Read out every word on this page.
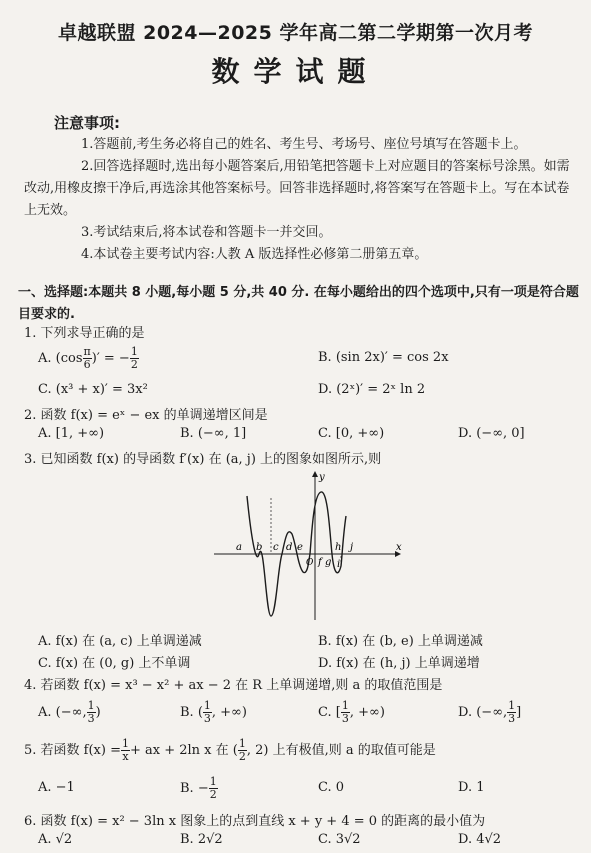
卓越联盟 2024—2025 学年高二第二学期第一次月考
数学试题
注意事项:
1.答题前,考生务必将自己的姓名、考生号、考场号、座位号填写在答题卡上。
2.回答选择题时,选出每小题答案后,用铅笔把答题卡上对应题目的答案标号涂黑。如需改动,用橡皮擦干净后,再选涂其他答案标号。回答非选择题时,将答案写在答题卡上。写在本试卷上无效。
3.考试结束后,将本试卷和答题卡一并交回。
4.本试卷主要考试内容:人教 A 版选择性必修第二册第五章。
一、选择题:本题共 8 小题,每小题 5 分,共 40 分. 在每小题给出的四个选项中,只有一项是符合题目要求的.
1. 下列求导正确的是
A. ($\cos \frac{\pi}{6}$ )′ = − $\frac{1}{2}$	B. (sin 2x)′ = cos 2x
C. (x³ + x)′ = 3x²	D. (2ˣ)′ = 2ˣ ln 2
2. 函数 f(x) = eˣ − ex 的单调递增区间是
A. [1, +∞)	B. (−∞, 1]	C. [0, +∞)	D. (−∞, 0]
3. 已知函数 f(x) 的导函数 f′(x) 在 (a, j) 上的图象如图所示,则
y
x
a b c d e
O f g
h
i
j
A. f(x) 在 (a, c) 上单调递减	B. f(x) 在 (b, e) 上单调递减
C. f(x) 在 (0, g) 上不单调	D. f(x) 在 (h, j) 上单调递增
4. 若函数 f(x) = x³ − x² + ax − 2 在 R 上单调递增,则 a 的取值范围是
A. (−∞, $\frac{1}{3}$ )	B. ( $\frac{1}{3}$ , +∞)	C. [ $\frac{1}{3}$ , +∞)	D. (−∞, $\frac{1}{3}$ ]
5. 若函数 $f(x) = \frac{1}{x}$ + ax + 2ln x 在 ( $\frac{1}{2}$ , 2) 上有极值,则 a 的取值可能是
A. −1	B. − $\frac{1}{2}$	C. 0	D. 1
6. 函数 f(x) = x² − 3ln x 图象上的点到直线 x + y + 4 = 0 的距离的最小值为
A. √2	B. 2√2	C. 3√2	D. 4√2
